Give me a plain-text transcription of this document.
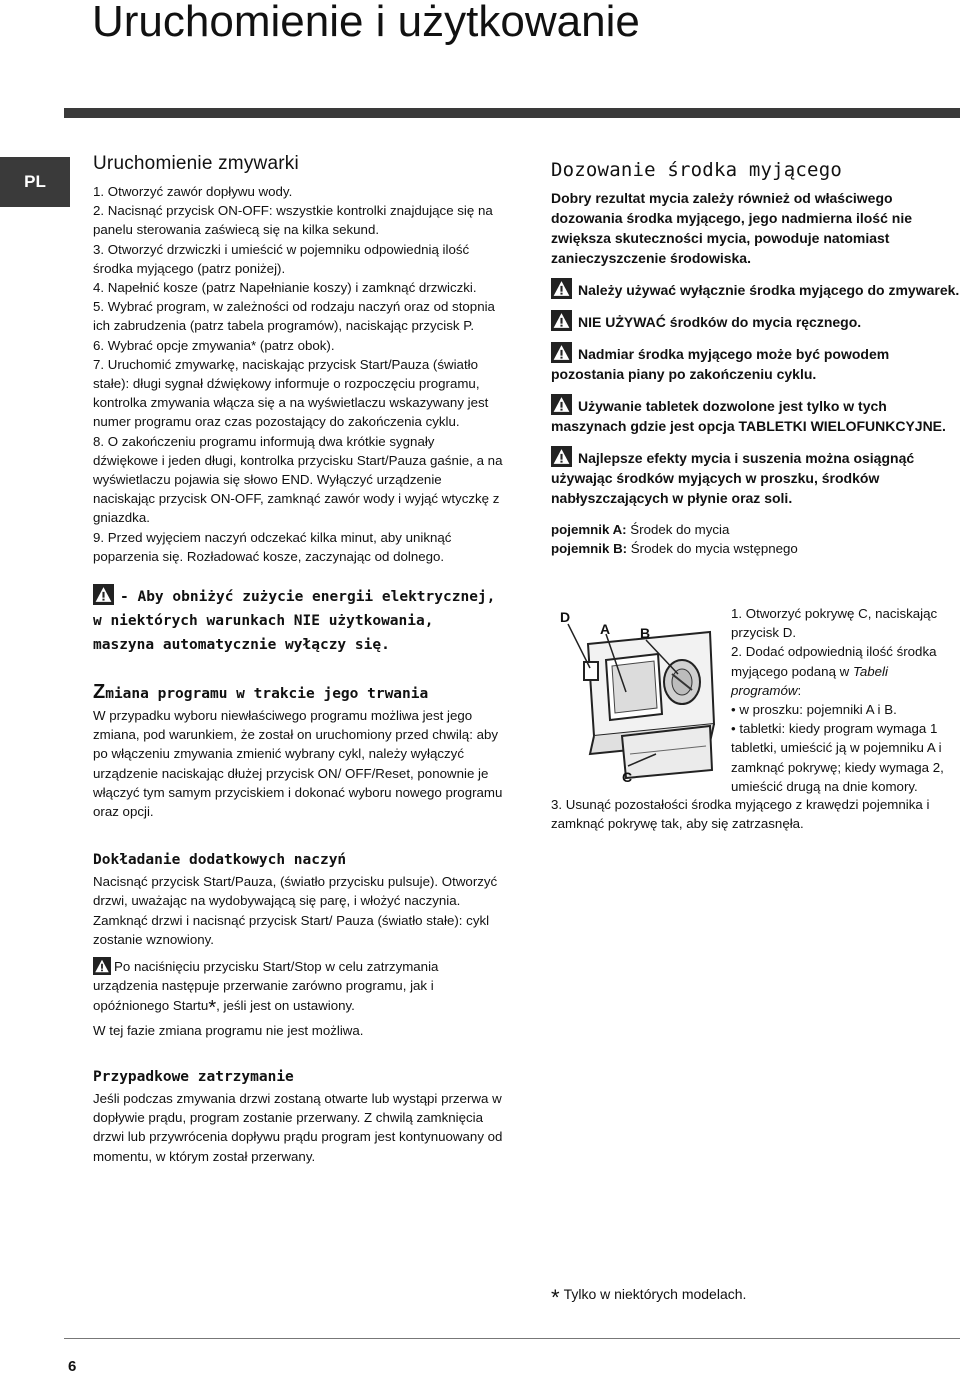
Uruchomienie i użytkowanie
PL
Uruchomienie zmywarki

1. Otworzyć zawór dopływu wody.

2. Nacisnąć przycisk ON-OFF: wszystkie kontrolki znajdujące się na panelu sterowania zaświecą się na kilka sekund.

3. Otworzyć drzwiczki i umieścić w pojemniku odpowiednią ilość środka myjącego (patrz poniżej).

4. Napełnić kosze (patrz Napełnianie koszy) i zamknąć drzwiczki.

5. Wybrać program, w zależności od rodzaju naczyń oraz od stopnia ich zabrudzenia (patrz tabela programów), naciskając przycisk P.

6. Wybrać opcje zmywania* (patrz obok).

7. Uruchomić zmywarkę, naciskając przycisk Start/Pauza (światło stałe): długi sygnał dźwiękowy informuje o rozpoczęciu programu, kontrolka zmywania włącza się a na wyświetlaczu wskazywany jest numer programu oraz czas pozostający do zakończenia cyklu.

8. O zakończeniu programu informują dwa krótkie sygnały dźwiękowe i jeden długi, kontrolka przycisku Start/Pauza gaśnie, a na wyświetlaczu pojawia się słowo END. Wyłączyć urządzenie naciskając przycisk ON-OFF, zamknąć zawór wody i wyjąć wtyczkę z gniazdka.

9. Przed wyjęciem naczyń odczekać kilka minut, aby uniknąć poparzenia się. Rozładować kosze, zaczynając od dolnego.

- Aby obniżyć zużycie energii elektrycznej, w niektórych warunkach NIE użytkowania, maszyna automatycznie wyłączy się.
Zmiana programu w trakcie jego trwania

W przypadku wyboru niewłaściwego programu możliwa jest jego zmiana, pod warunkiem, że został on uruchomiony przed chwilą: aby po włączeniu zmywania zmienić wybrany cykl, należy wyłączyć urządzenie naciskając dłużej przycisk ON/ OFF/Reset, ponownie je włączyć tym samym przyciskiem i dokonać wyboru nowego programu oraz opcji.

Dokładanie dodatkowych naczyń

Nacisnąć przycisk Start/Pauza, (światło przycisku pulsuje). Otworzyć drzwi, uważając na wydobywającą się parę, i włożyć naczynia. Zamknąć drzwi i nacisnąć przycisk Start/ Pauza (światło stałe): cykl zostanie wznowiony.

Po naciśnięciu przycisku Start/Stop w celu zatrzymania urządzenia następuje przerwanie zarówno programu, jak i opóźnionego Startu*, jeśli jest on ustawiony.

W tej fazie zmiana programu nie jest możliwa.

Przypadkowe zatrzymanie

Jeśli podczas zmywania drzwi zostaną otwarte lub wystąpi przerwa w dopływie prądu, program zostanie przerwany. Z chwilą zamknięcia drzwi lub przywrócenia dopływu prądu program jest kontynuowany od momentu, w którym został przerwany.

Dozowanie środka myjącego

Dobry rezultat mycia zależy również od właściwego dozowania środka myjącego, jego nadmierna ilość nie zwiększa skuteczności mycia, powoduje natomiast zanieczyszczenie środowiska.

Należy używać wyłącznie środka myjącego do zmywarek.

NIE UŻYWAĆ środków do mycia ręcznego.

Nadmiar środka myjącego może być powodem pozostania piany po zakończeniu cyklu.

Używanie tabletek dozwolone jest tylko w tych maszynach gdzie jest opcja TABLETKI WIELOFUNKCYJNE.

Najlepsze efekty mycia i suszenia można osiągnąć używając środków myjących w proszku, środków nabłyszczających w płynie oraz soli.

pojemnik A: Środek do mycia

pojemnik B: Środek do mycia wstępnego

D
A B
C

1. Otworzyć pokrywę C, naciskając przycisk D.

2. Dodać odpowiednią ilość środka myjącego podaną w Tabeli programów:

• w proszku: pojemniki A i B.

• tabletki: kiedy program wymaga 1 tabletki, umieścić ją w pojemniku A i zamknąć pokrywę; kiedy wymaga 2, umieścić drugą na dnie komory.

3. Usunąć pozostałości środka myjącego z krawędzi pojemnika i zamknąć pokrywę tak, aby się zatrzasnęła.

* Tylko w niektórych modelach.
6
